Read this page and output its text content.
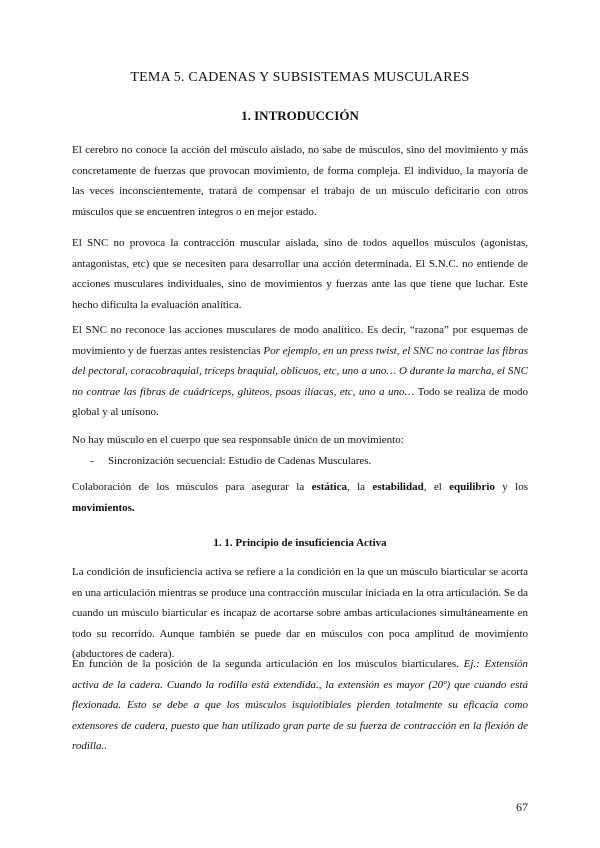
TEMA 5. CADENAS Y SUBSISTEMAS MUSCULARES
1. INTRODUCCIÓN

El cerebro no conoce la acción del músculo aislado, no sabe de músculos, sino del movimiento y más concretamente de fuerzas que provocan movimiento, de forma compleja. El individuo, la mayoría de las veces inconscientemente, tratará de compensar el trabajo de un músculo deficitario con otros músculos que se encuentren íntegros o en mejor estado.

El SNC no provoca la contracción muscular aislada, sino de todos aquellos músculos (agonistas, antagonistas, etc) que se necesiten para desarrollar una acción determinada. El S.N.C. no entiende de acciones musculares individuales, sino de movimientos y fuerzas ante las que tiene que luchar. Este hecho dificulta la evaluación analítica.

El SNC no reconoce las acciones musculares de modo analítico. Es decir, “razona” por esquemas de movimiento y de fuerzas antes resistencias Por ejemplo, en un press twist, el SNC no contrae las fibras del pectoral, coracobraquial, tríceps braquial, oblicuos, etc, uno a uno… O durante la marcha, el SNC no contrae las fibras de cuádríceps, glúteos, psoas ilíacas, etc, uno a uno… Todo se realiza de modo global y al unísono.

No hay músculo en el cuerpo que sea responsable único de un movimiento:

- Sincronización secuencial: Estudio de Cadenas Musculares.

Colaboración de los músculos para asegurar la estática, la estabilidad, el equilibrio y los movimientos.

1. 1. Principio de insuficiencia Activa

La condición de insuficiencia activa se refiere a la condición en la que un músculo biarticular se acorta en una articulación mientras se produce una contracción muscular iniciada en la otra articulación. Se da cuando un músculo biarticular es incapaz de acortarse sobre ambas articulaciones simultáneamente en todo su recorrido. Aunque también se puede dar en músculos con poca amplitud de movimiento (abductores de cadera).

En función de la posición de la segunda articulación en los músculos biarticulares. Ej.: Extensión activa de la cadera. Cuando la rodilla está extendida., la extensión es mayor (20º) que cuando está flexionada. Esto se debe a que los músculos isquiotibiales pierden totalmente su eficacia como extensores de cadera, puesto que han utilizado gran parte de su fuerza de contracción en la flexión de rodilla..

67
